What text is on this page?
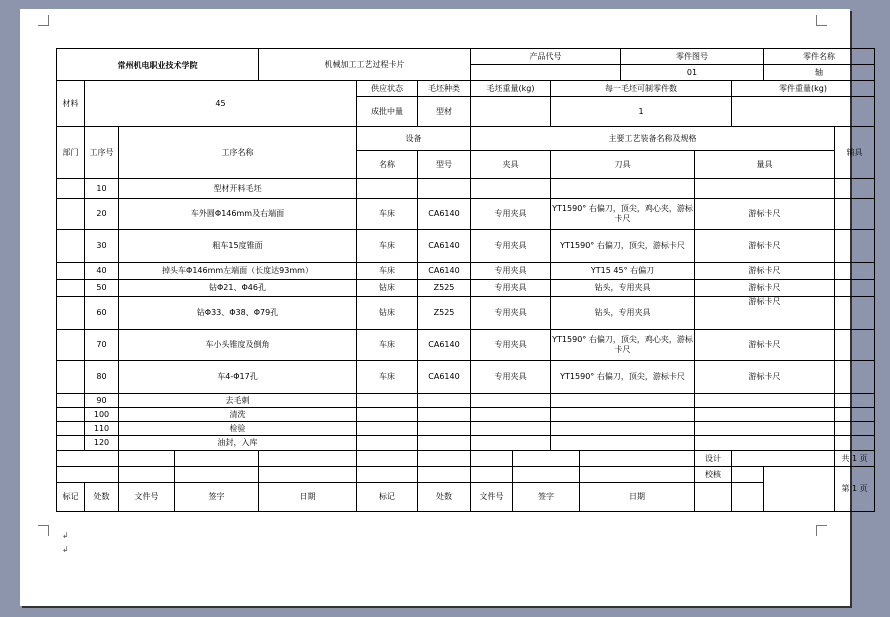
常州机电职业技术学院				机械加工工艺过程卡片			产品代号				零件图号			零件名称	
											01			轴	
材料	45				供应状态	毛坯种类	毛坯重量(kg)		每一毛坯可制零件数				零件重量(kg)		
					成批中量	型材			1						
部门	工序号	工序名称			设备		主要工艺装备名称及规格								辅具
					名称	型号	夹具		刀具			量具			
	10	型材开料毛坯													
	20	车外圆Φ146mm及右端面			车床	CA6140	专用夹具		YT1590° 右偏刀，顶尖，鸡心夹，游标卡尺			游标卡尺			
	30	粗车15度锥面			车床	CA6140	专用夹具		YT1590° 右偏刀，顶尖，游标卡尺			游标卡尺			
	40	掉头车Φ146mm左端面（长度达93mm）			车床	CA6140	专用夹具		YT15 45° 右偏刀			游标卡尺			
	50	钻Φ21、Φ46孔			钻床	Z525	专用夹具		钻头，专用夹具			游标卡尺			
	60	钻Φ33、Φ38、Φ79孔			钻床	Z525	专用夹具		钻头，专用夹具			游标卡尺			
	70	车小头锥度及倒角			车床	CA6140	专用夹具		YT1590° 右偏刀，顶尖，鸡心夹，游标卡尺			游标卡尺			
	80	车4-Φ17孔			车床	CA6140	专用夹具		YT1590° 右偏刀，顶尖，游标卡尺			游标卡尺			
	90	去毛刺													
	100	清洗													
	110	检验													
	120	油封，入库													
												设计			共 1 页
												校核			第 1 页
标记	处数	文件号	签字	日期	标记	处数	文件号	签字		日期					
↲
↲
